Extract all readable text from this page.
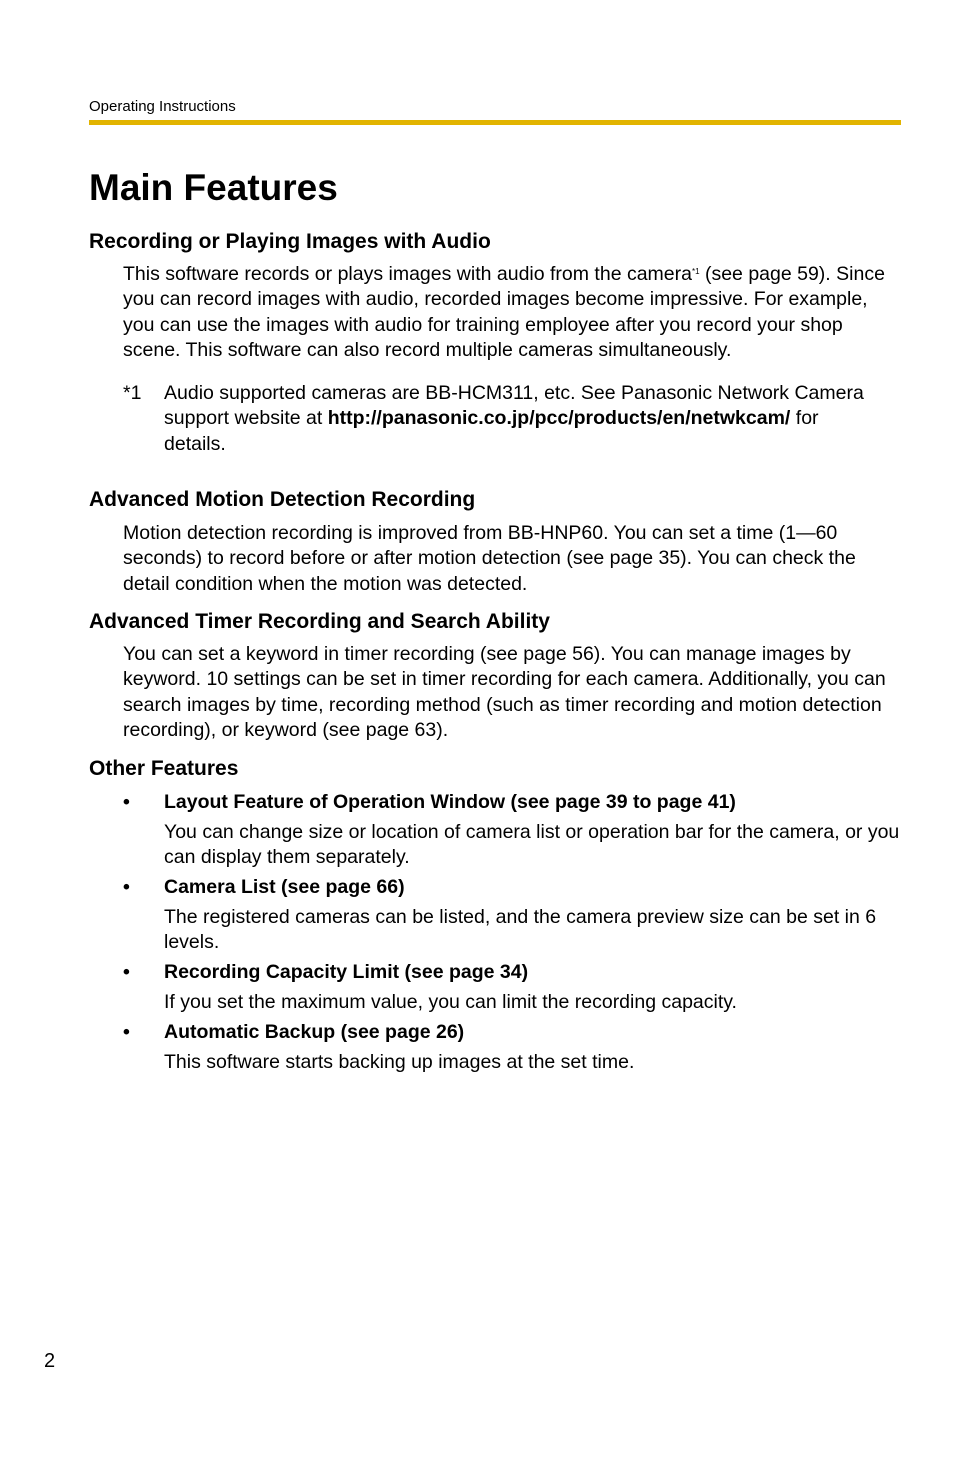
Operating Instructions
Main Features
Recording or Playing Images with Audio

This software records or plays images with audio from the camera$^{*1}$ (see page 59). Since you can record images with audio, recorded images become impressive. For example, you can use the images with audio for training employee after you record your shop scene. This software can also record multiple cameras simultaneously.

*1 Audio supported cameras are BB-HCM311, etc. See Panasonic Network Camera support website at http://panasonic.co.jp/pcc/products/en/netwkcam/ for details.
Advanced Motion Detection Recording

Motion detection recording is improved from BB-HNP60. You can set a time (1—60 seconds) to record before or after motion detection (see page 35). You can check the detail condition when the motion was detected.

Advanced Timer Recording and Search Ability

You can set a keyword in timer recording (see page 56). You can manage images by keyword. 10 settings can be set in timer recording for each camera. Additionally, you can search images by time, recording method (such as timer recording and motion detection recording), or keyword (see page 63).

Other Features
• Layout Feature of Operation Window (see page 39 to page 41)
You can change size or location of camera list or operation bar for the camera, or you can display them separately.
• Camera List (see page 66)
The registered cameras can be listed, and the camera preview size can be set in 6 levels.
• Recording Capacity Limit (see page 34)
If you set the maximum value, you can limit the recording capacity.
• Automatic Backup (see page 26)
This software starts backing up images at the set time.
2
